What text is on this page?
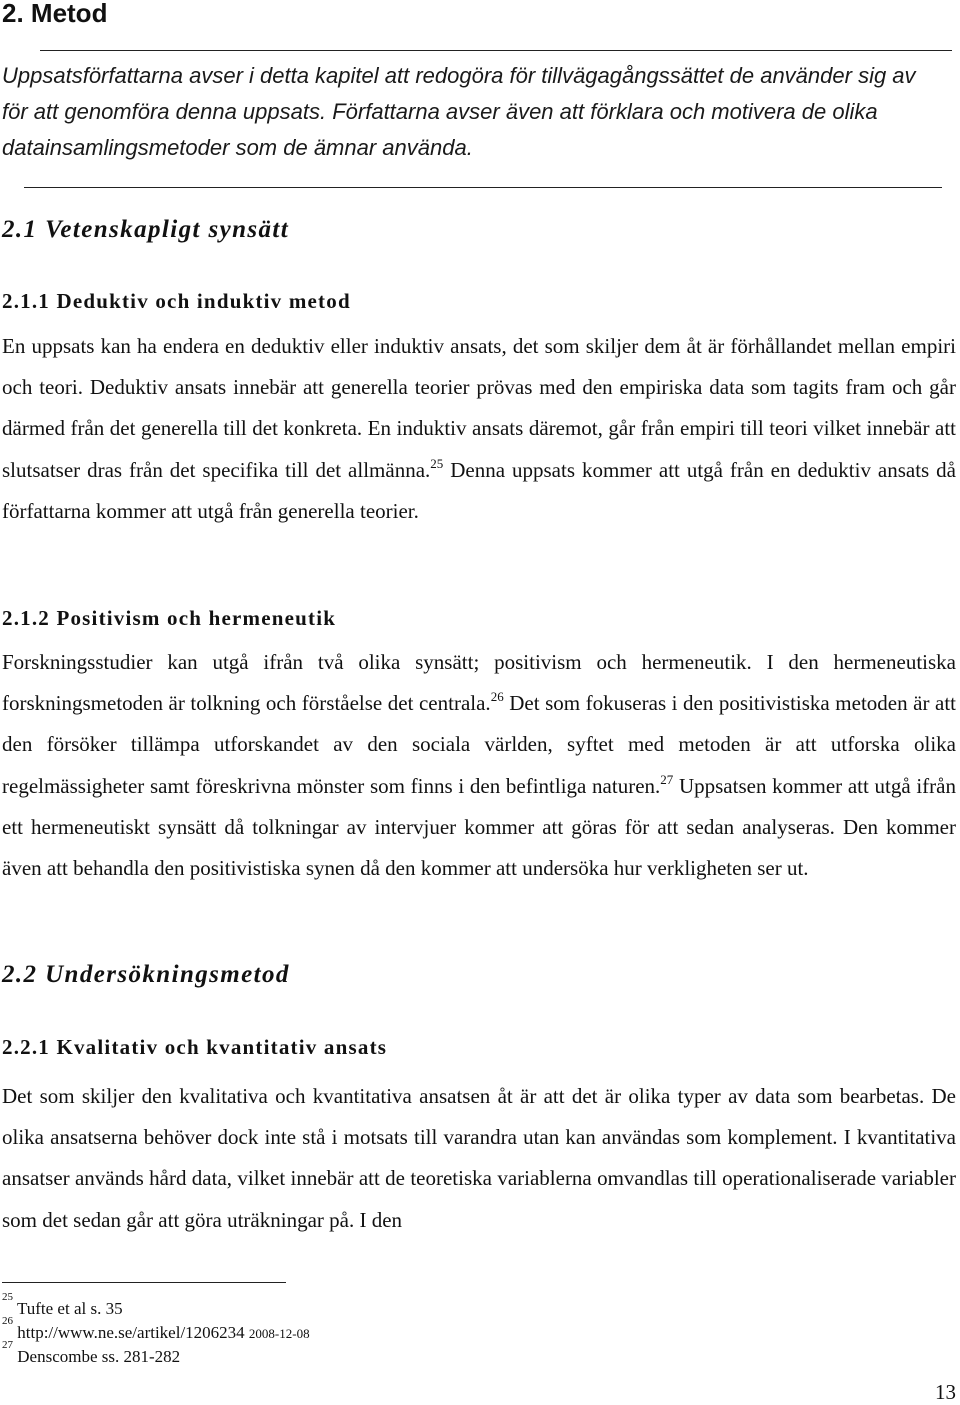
2. Metod

Uppsatsförfattarna avser i detta kapitel att redogöra för tillvägagångssättet de använder sig av för att genomföra denna uppsats. Författarna avser även att förklara och motivera de olika datainsamlingsmetoder som de ämnar använda.

2.1 Vetenskapligt synsätt
2.1.1 Deduktiv och induktiv metod

En uppsats kan ha endera en deduktiv eller induktiv ansats, det som skiljer dem åt är förhållandet mellan empiri och teori. Deduktiv ansats innebär att generella teorier prövas med den empiriska data som tagits fram och går därmed från det generella till det konkreta. En induktiv ansats däremot, går från empiri till teori vilket innebär att slutsatser dras från det specifika till det allmänna.$^{25}$ Denna uppsats kommer att utgå från en deduktiv ansats då författarna kommer att utgå från generella teorier.

2.1.2 Positivism och hermeneutik

Forskningsstudier kan utgå ifrån två olika synsätt; positivism och hermeneutik. I den hermeneutiska forskningsmetoden är tolkning och förståelse det centrala.$^{26}$ Det som fokuseras i den positivistiska metoden är att den försöker tillämpa utforskandet av den sociala världen, syftet med metoden är att utforska olika regelmässigheter samt föreskrivna mönster som finns i den befintliga naturen.$^{27}$ Uppsatsen kommer att utgå ifrån ett hermeneutiskt synsätt då tolkningar av intervjuer kommer att göras för att sedan analyseras. Den kommer även att behandla den positivistiska synen då den kommer att undersöka hur verkligheten ser ut.

2.2 Undersökningsmetod
2.2.1 Kvalitativ och kvantitativ ansats

Det som skiljer den kvalitativa och kvantitativa ansatsen åt är att det är olika typer av data som bearbetas. De olika ansatserna behöver dock inte stå i motsats till varandra utan kan användas som komplement. I kvantitativa ansatser används hård data, vilket innebär att de teoretiska variablerna omvandlas till operationaliserade variabler som det sedan går att göra uträkningar på. I den

$^{25}$ Tufte et al s. 35

$^{26}$ http://www.ne.se/artikel/1206234 2008-12-08

$^{27}$ Denscombe ss. 281-282

13
